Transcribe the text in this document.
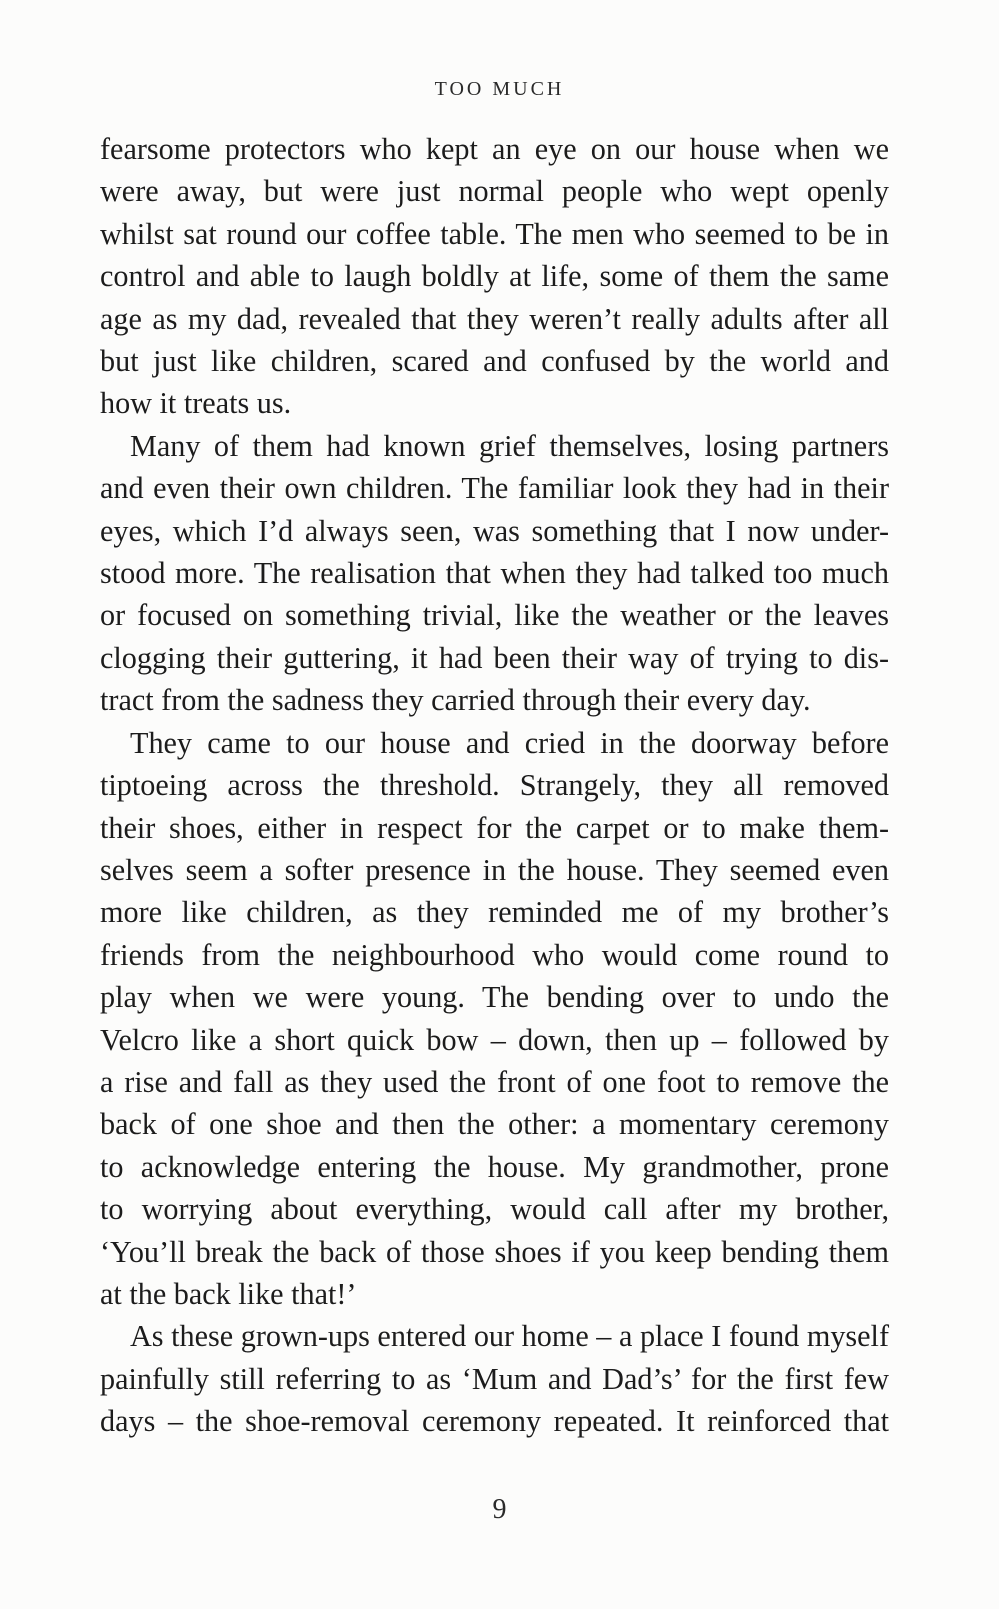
TOO MUCH
fearsome protectors who kept an eye on our house when we
were away, but were just normal people who wept openly
whilst sat round our coffee table. The men who seemed to be in
control and able to laugh boldly at life, some of them the same
age as my dad, revealed that they weren’t really adults after all
but just like children, scared and confused by the world and
how it treats us.
Many of them had known grief themselves, losing partners
and even their own children. The familiar look they had in their
eyes, which I’d always seen, was something that I now under-
stood more. The realisation that when they had talked too much
or focused on something trivial, like the weather or the leaves
clogging their guttering, it had been their way of trying to dis-
tract from the sadness they carried through their every day.
They came to our house and cried in the doorway before
tiptoeing across the threshold. Strangely, they all removed
their shoes, either in respect for the carpet or to make them-
selves seem a softer presence in the house. They seemed even
more like children, as they reminded me of my brother’s
friends from the neighbourhood who would come round to
play when we were young. The bending over to undo the
Velcro like a short quick bow – down, then up – followed by
a rise and fall as they used the front of one foot to remove the
back of one shoe and then the other: a momentary ceremony
to acknowledge entering the house. My grandmother, prone
to worrying about everything, would call after my brother,
‘You’ll break the back of those shoes if you keep bending them
at the back like that!’
As these grown-ups entered our home – a place I found myself
painfully still referring to as ‘Mum and Dad’s’ for the first few
days – the shoe-removal ceremony repeated. It reinforced that
9
